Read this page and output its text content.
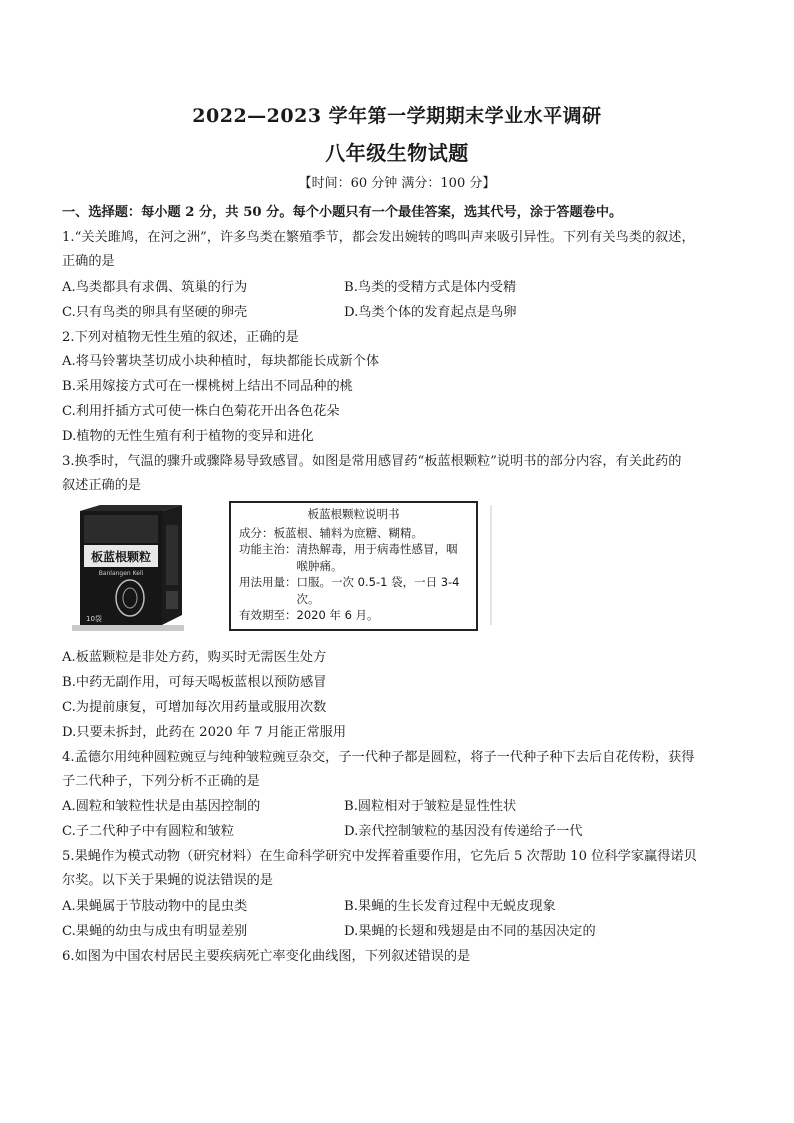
2022—2023 学年第一学期期末学业水平调研
八年级生物试题
【时间：60 分钟 满分：100 分】
一、选择题：每小题 2 分，共 50 分。每个小题只有一个最佳答案，选其代号，涂于答题卷中。
1.“关关雎鸠，在河之洲”，许多鸟类在繁殖季节，都会发出婉转的鸣叫声来吸引异性。下列有关鸟类的叙述，
正确的是
A.鸟类都具有求偶、筑巢的行为	B.鸟类的受精方式是体内受精
C.只有鸟类的卵具有坚硬的卵壳	D.鸟类个体的发育起点是鸟卵
2.下列对植物无性生殖的叙述，正确的是
A.将马铃薯块茎切成小块种植时，每块都能长成新个体
B.采用嫁接方式可在一棵桃树上结出不同品种的桃
C.利用扦插方式可使一株白色菊花开出各色花朵
D.植物的无性生殖有利于植物的变异和进化
3.换季时，气温的骤升或骤降易导致感冒。如图是常用感冒药“板蓝根颗粒”说明书的部分内容，有关此药的
叙述正确的是
板蓝根颗粒
Banlangen Keli
10袋
板蓝根颗粒说明书
成分： 板蓝根、辅料为庶糖、糊精。
功能主治： 清热解毒，用于病毒性感冒，咽喉肿痛。
用法用量： 口服。一次 0.5-1 袋，一日 3-4 次。
有效期至： 2020 年 6 月。
A.板蓝颗粒是非处方药，购买时无需医生处方
B.中药无副作用，可每天喝板蓝根以预防感冒
C.为提前康复，可增加每次用药量或服用次数
D.只要未拆封，此药在 2020 年 7 月能正常服用
4.孟德尔用纯种圆粒豌豆与纯种皱粒豌豆杂交，子一代种子都是圆粒，将子一代种子种下去后自花传粉，获得
子二代种子，下列分析不正确的是
A.圆粒和皱粒性状是由基因控制的	B.圆粒相对于皱粒是显性性状
C.子二代种子中有圆粒和皱粒	D.亲代控制皱粒的基因没有传递给子一代
5.果蝇作为模式动物（研究材料）在生命科学研究中发挥着重要作用，它先后 5 次帮助 10 位科学家赢得诺贝
尔奖。以下关于果蝇的说法错误的是
A.果蝇属于节肢动物中的昆虫类	B.果蝇的生长发育过程中无蜕皮现象
C.果蝇的幼虫与成虫有明显差别	D.果蝇的长翅和残翅是由不同的基因决定的
6.如图为中国农村居民主要疾病死亡率变化曲线图，下列叙述错误的是
